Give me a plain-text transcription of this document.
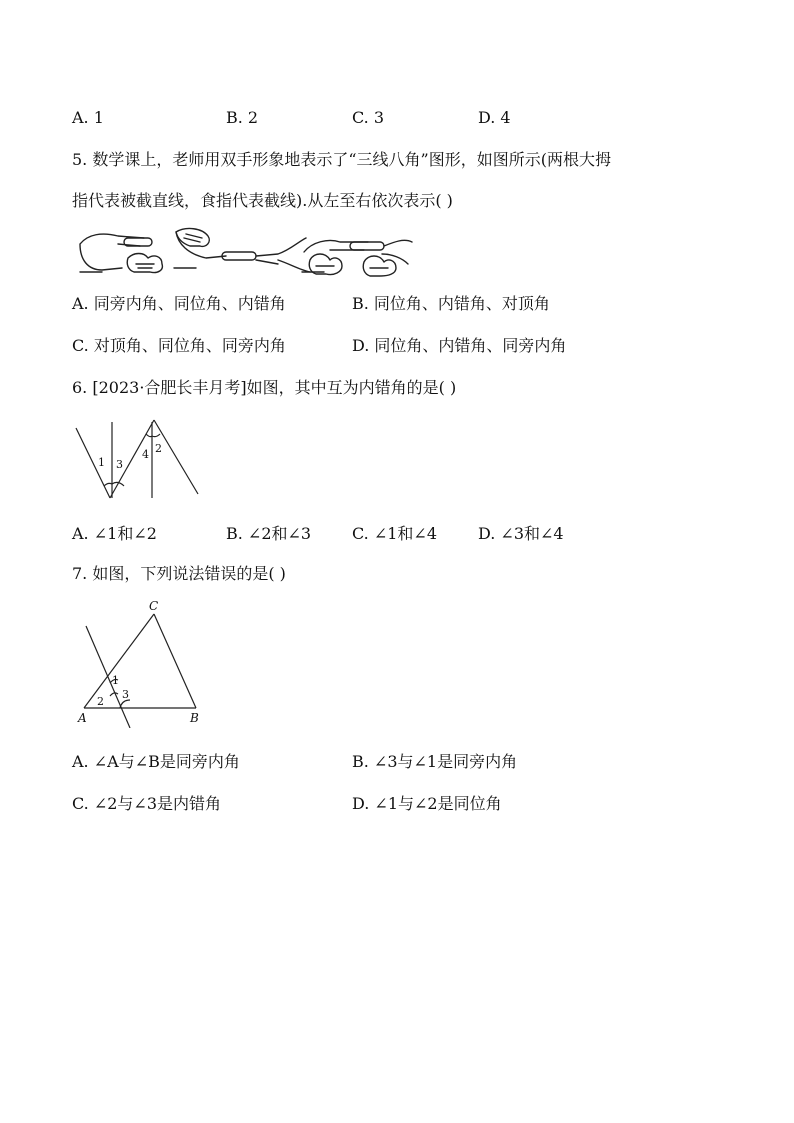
A. 1	B. 2	C. 3	D. 4
5. 数学课上，老师用双手形象地表示了“三线八角”图形，如图所示(两根大拇
指代表被截直线，食指代表截线).从左至右依次表示( )
A. 同旁内角、同位角、内错角	B. 同位角、内错角、对顶角
C. 对顶角、同位角、同旁内角	D. 同位角、内错角、同旁内角
6. [2023·合肥长丰月考]如图，其中互为内错角的是( )
1 3
4 2
A. ∠1和∠2	B. ∠2和∠3	C. ∠1和∠4	D. ∠3和∠4
7. 如图，下列说法错误的是( )
C
A	B
1
2
3
A. ∠A与∠B是同旁内角	B. ∠3与∠1是同旁内角
C. ∠2与∠3是内错角	D. ∠1与∠2是同位角
